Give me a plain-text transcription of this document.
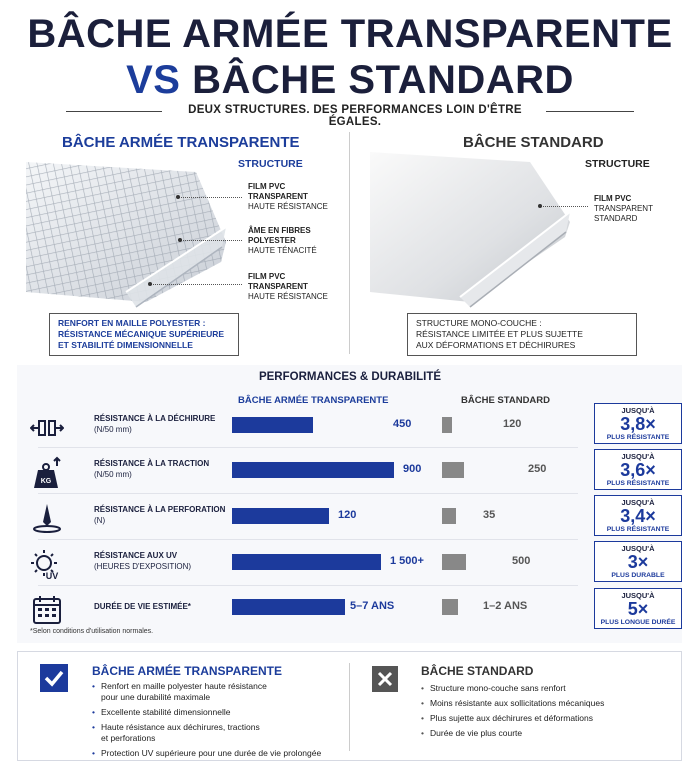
BÂCHE ARMÉE TRANSPARENTE
VS BÂCHE STANDARD
DEUX STRUCTURES. DES PERFORMANCES LOIN D'ÊTRE ÉGALES.
BÂCHE ARMÉE TRANSPARENTE
STRUCTURE
FILM PVC
TRANSPARENT
HAUTE RÉSISTANCE
ÂME EN FIBRES
POLYESTER
HAUTE TÉNACITÉ
FILM PVC
TRANSPARENT
HAUTE RÉSISTANCE
RENFORT EN MAILLE POLYESTER :
RÉSISTANCE MÉCANIQUE SUPÉRIEURE
ET STABILITÉ DIMENSIONNELLE
BÂCHE STANDARD
STRUCTURE
FILM PVC
TRANSPARENT
STANDARD
STRUCTURE MONO-COUCHE :
RÉSISTANCE LIMITÉE ET PLUS SUJETTE
AUX DÉFORMATIONS ET DÉCHIRURES
PERFORMANCES & DURABILITÉ
BÂCHE ARMÉE TRANSPARENTE	BÂCHE STANDARD
RÉSISTANCE À LA DÉCHIRURE
(N/50 mm)	450	120
KG
RÉSISTANCE À LA TRACTION
(N/50 mm)	900	250
RÉSISTANCE À LA PERFORATION
(N)	120	35
UV
RÉSISTANCE AUX UV
(HEURES D'EXPOSITION)	1 500+	500
DURÉE DE VIE ESTIMÉE*	5–7 ANS	1–2 ANS
JUSQU'À
3,8×
PLUS RÉSISTANTE
JUSQU'À
3,6×
PLUS RÉSISTANTE
JUSQU'À
3,4×
PLUS RÉSISTANTE
JUSQU'À
3×
PLUS DURABLE
JUSQU'À
5×
PLUS LONGUE DURÉE
*Selon conditions d'utilisation normales.
BÂCHE ARMÉE TRANSPARENTE
• Renfort en maille polyester haute résistance
pour une durabilité maximale
• Excellente stabilité dimensionnelle
• Haute résistance aux déchirures, tractions
et perforations
• Protection UV supérieure pour une durée de vie prolongée
BÂCHE STANDARD
• Structure mono-couche sans renfort
• Moins résistante aux sollicitations mécaniques
• Plus sujette aux déchirures et déformations
• Durée de vie plus courte
